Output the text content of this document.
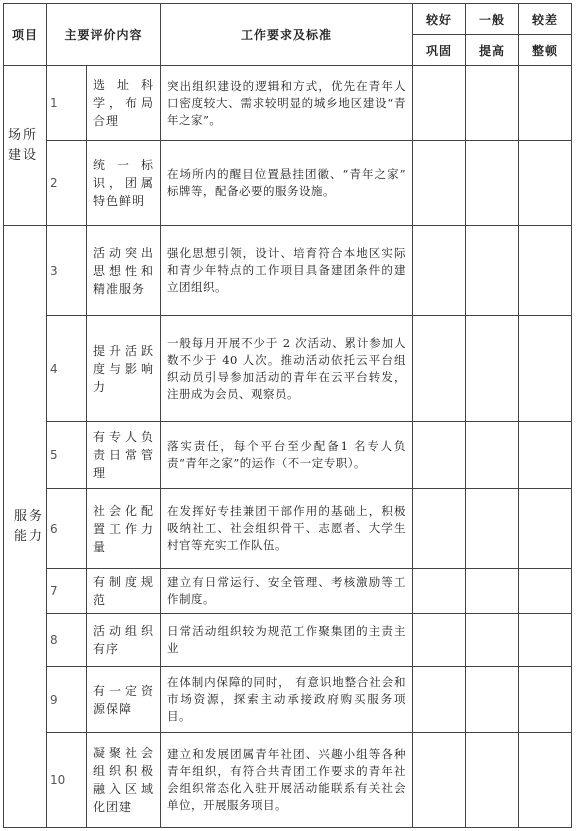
项目	主要评价内容		工作要求及标准	较好	一般	较差
				巩固	提高	整顿
场所建设	1	选址科学，布局合理	突出组织建设的逻辑和方式，优先在青年人口密度较大、需求较明显的城乡地区建设“青年之家”。			
	2	统一标识，团属特色鲜明	在场所内的醒目位置悬挂团徽、“青年之家” 标牌等，配备必要的服务设施。			
服务能力	3	活动突出思想性和精准服务	强化思想引领，设计、培育符合本地区实际和青少年特点的工作项目具备建团条件的建立团组织。			
	4	提升活跃度与影响力	一般每月开展不少于 2 次活动、累计参加人数不少于 40 人次。推动活动依托云平台组织动员引导参加活动的青年在云平台转发，注册成为会员、观察员。			
	5	有专人负责日常管理	落实责任，每个平台至少配备1 名专人负责“青年之家”的运作（不一定专职）。			
	6	社会化配置工作力量	在发挥好专挂兼团干部作用的基础上，积极吸纳社工、社会组织骨干、志愿者、大学生村官等充实工作队伍。			
	7	有制度规范	建立有日常运行、安全管理、考核激励等工作制度。			
	8	活动组织有序	日常活动组织较为规范工作聚集团的主责主业			
	9	有一定资源保障	在体制内保障的同时， 有意识地整合社会和市场资源，探索主动承接政府购买服务项目。			
	10	凝聚社会组织积极融入区域化团建	建立和发展团属青年社团、兴趣小组等各种青年组织，有符合共青团工作要求的青年社会组织常态化入驻开展活动能联系有关社会单位，开展服务项目。			
